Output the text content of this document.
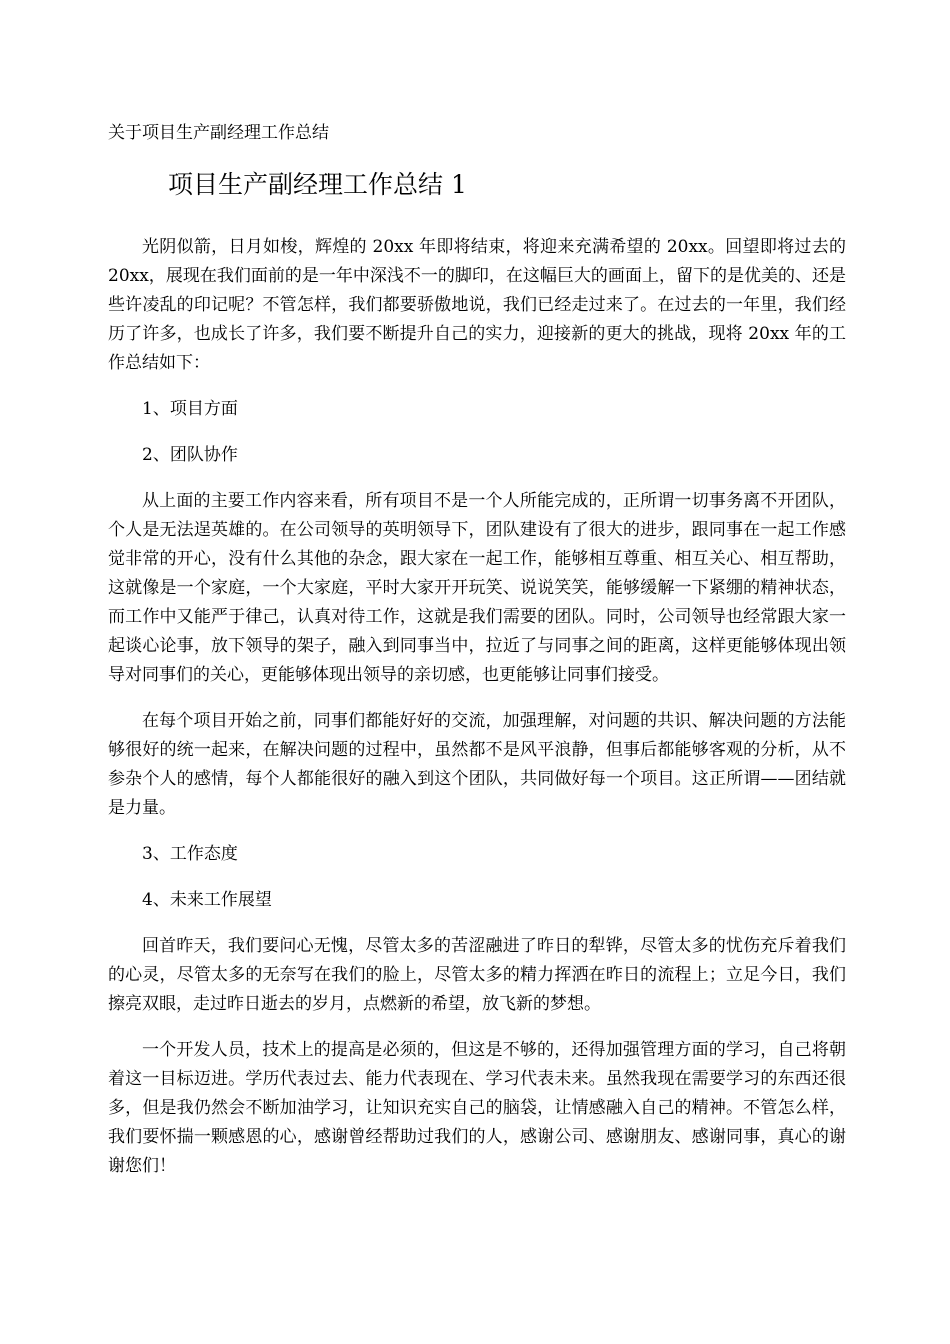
关于项目生产副经理工作总结
项目生产副经理工作总结 1

光阴似箭，日月如梭，辉煌的 20xx 年即将结束，将迎来充满希望的 20xx。回望即将过去的 20xx，展现在我们面前的是一年中深浅不一的脚印，在这幅巨大的画面上，留下的是优美的、还是些许凌乱的印记呢？不管怎样，我们都要骄傲地说，我们已经走过来了。在过去的一年里，我们经历了许多，也成长了许多，我们要不断提升自己的实力，迎接新的更大的挑战，现将 20xx 年的工作总结如下：

1、项目方面

2、团队协作

从上面的主要工作内容来看，所有项目不是一个人所能完成的，正所谓一切事务离不开团队，个人是无法逞英雄的。在公司领导的英明领导下，团队建设有了很大的进步，跟同事在一起工作感觉非常的开心，没有什么其他的杂念，跟大家在一起工作，能够相互尊重、相互关心、相互帮助，这就像是一个家庭，一个大家庭，平时大家开开玩笑、说说笑笑，能够缓解一下紧绷的精神状态，而工作中又能严于律己，认真对待工作，这就是我们需要的团队。同时，公司领导也经常跟大家一起谈心论事，放下领导的架子，融入到同事当中，拉近了与同事之间的距离，这样更能够体现出领导对同事们的关心，更能够体现出领导的亲切感，也更能够让同事们接受。

在每个项目开始之前，同事们都能好好的交流，加强理解，对问题的共识、解决问题的方法能够很好的统一起来，在解决问题的过程中，虽然都不是风平浪静，但事后都能够客观的分析，从不参杂个人的感情，每个人都能很好的融入到这个团队，共同做好每一个项目。这正所谓——团结就是力量。

3、工作态度

4、未来工作展望

回首昨天，我们要问心无愧，尽管太多的苦涩融进了昨日的犁铧，尽管太多的忧伤充斥着我们的心灵，尽管太多的无奈写在我们的脸上，尽管太多的精力挥洒在昨日的流程上；立足今日，我们擦亮双眼，走过昨日逝去的岁月，点燃新的希望，放飞新的梦想。

一个开发人员，技术上的提高是必须的，但这是不够的，还得加强管理方面的学习，自己将朝着这一目标迈进。学历代表过去、能力代表现在、学习代表未来。虽然我现在需要学习的东西还很多，但是我仍然会不断加油学习，让知识充实自己的脑袋，让情感融入自己的精神。不管怎么样，我们要怀揣一颗感恩的心，感谢曾经帮助过我们的人，感谢公司、感谢朋友、感谢同事，真心的谢谢您们！
